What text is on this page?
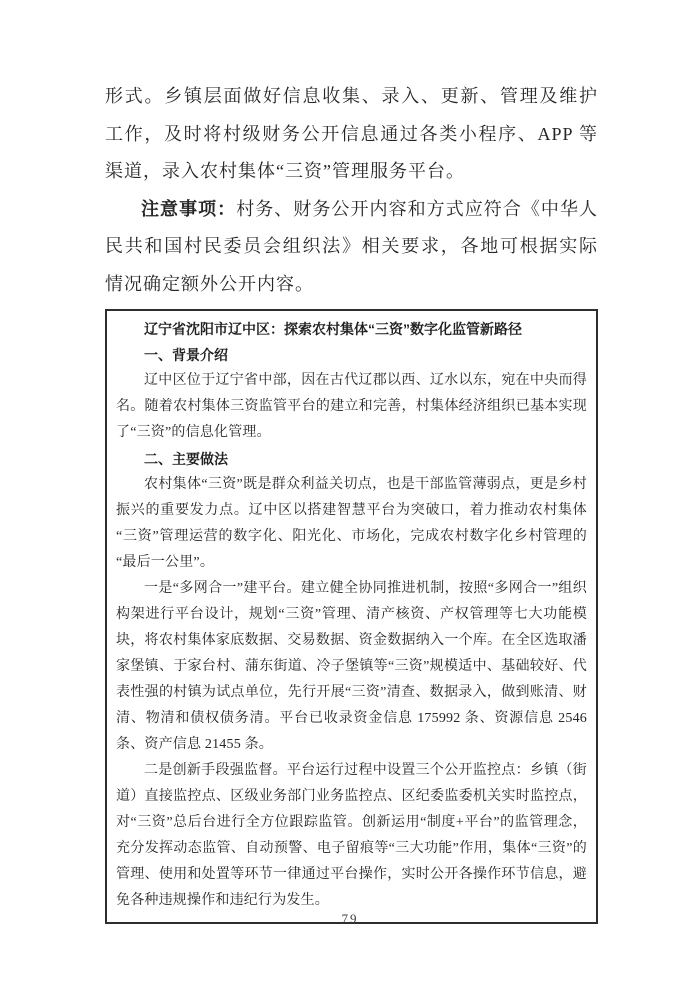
形式。乡镇层面做好信息收集、录入、更新、管理及维护工作，及时将村级财务公开信息通过各类小程序、APP 等渠道，录入农村集体“三资”管理服务平台。

注意事项：村务、财务公开内容和方式应符合《中华人民共和国村民委员会组织法》相关要求，各地可根据实际情况确定额外公开内容。

辽宁省沈阳市辽中区：探索农村集体“三资”数字化监管新路径

一、背景介绍

辽中区位于辽宁省中部，因在古代辽郡以西、辽水以东，宛在中央而得名。随着农村集体三资监管平台的建立和完善，村集体经济组织已基本实现了“三资”的信息化管理。

二、主要做法

农村集体“三资”既是群众利益关切点，也是干部监管薄弱点，更是乡村振兴的重要发力点。辽中区以搭建智慧平台为突破口，着力推动农村集体“三资”管理运营的数字化、阳光化、市场化，完成农村数字化乡村管理的“最后一公里”。

一是“多网合一”建平台。建立健全协同推进机制，按照“多网合一”组织构架进行平台设计，规划“三资”管理、清产核资、产权管理等七大功能模块，将农村集体家底数据、交易数据、资金数据纳入一个库。在全区选取潘家堡镇、于家台村、蒲东街道、冷子堡镇等“三资”规模适中、基础较好、代表性强的村镇为试点单位，先行开展“三资”清查、数据录入，做到账清、财清、物清和债权债务清。平台已收录资金信息 175992 条、资源信息 2546 条、资产信息 21455 条。

二是创新手段强监督。平台运行过程中设置三个公开监控点：乡镇（街道）直接监控点、区级业务部门业务监控点、区纪委监委机关实时监控点，对“三资”总后台进行全方位跟踪监管。创新运用“制度+平台”的监管理念，充分发挥动态监管、自动预警、电子留痕等“三大功能”作用，集体“三资”的管理、使用和处置等环节一律通过平台操作，实时公开各操作环节信息，避免各种违规操作和违纪行为发生。

79
